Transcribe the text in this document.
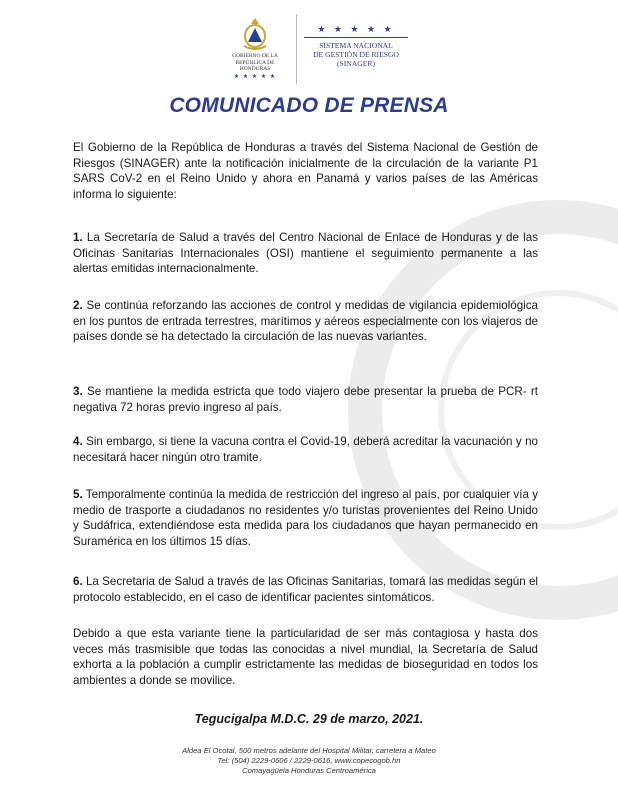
GOBIERNO DE LA
REPÚBLICA DE HONDURAS
★ ★ ★ ★ ★
★ ★ ★ ★ ★
SISTEMA NACIONAL
DE GESTIÓN DE RIESGO
(SINAGER)
COMUNICADO DE PRENSA
El Gobierno de la República de Honduras a través del Sistema Nacional de Gestión de Riesgos (SINAGER) ante la notificación inicialmente de la circulación de la variante P1 SARS CoV-2 en el Reino Unido y ahora en Panamá y varios países de las Américas informa lo siguiente:
1. La Secretaría de Salud a través del Centro Nacional de Enlace de Honduras y de las Oficinas Sanitarias Internacionales (OSI) mantiene el seguimiento permanente a las alertas emitidas internacionalmente.
2. Se continúa reforzando las acciones de control y medidas de vigilancia epidemiológica en los puntos de entrada terrestres, marítimos y aéreos especialmente con los viajeros de países donde se ha detectado la circulación de las nuevas variantes.
3. Se mantiene la medida estricta que todo viajero debe presentar la prueba de PCR- rt negativa 72 horas previo ingreso al país.
4. Sin embargo, si tiene la vacuna contra el Covid-19, deberá acreditar la vacunación y no necesitará hacer ningún otro tramite.
5. Temporalmente continúa la medida de restricción del ingreso al país, por cualquier vía y medio de trasporte a ciudadanos no residentes y/o turistas provenientes del Reino Unido y Sudáfrica, extendiéndose esta medida para los ciudadanos que hayan permanecido en Suramérica en los últimos 15 días.
6. La Secretaria de Salud a través de las Oficinas Sanitarias, tomará las medidas según el protocolo establecido, en el caso de identificar pacientes sintomáticos.
Debido a que esta variante tiene la particularidad de ser más contagiosa y hasta dos veces más trasmisible que todas las conocidas a nivel mundial, la Secretaría de Salud exhorta a la población a cumplir estrictamente las medidas de bioseguridad en todos los ambientes a donde se movilice.
Tegucigalpa M.D.C. 29 de marzo, 2021.
Aldea El Ocotal, 500 metros adelante del Hospital Militar, carretera a Mateo
Tel: (504) 2229-0606 / 2229-0616, www.copecogob.hn
Comayagüela Honduras Centroamérica
